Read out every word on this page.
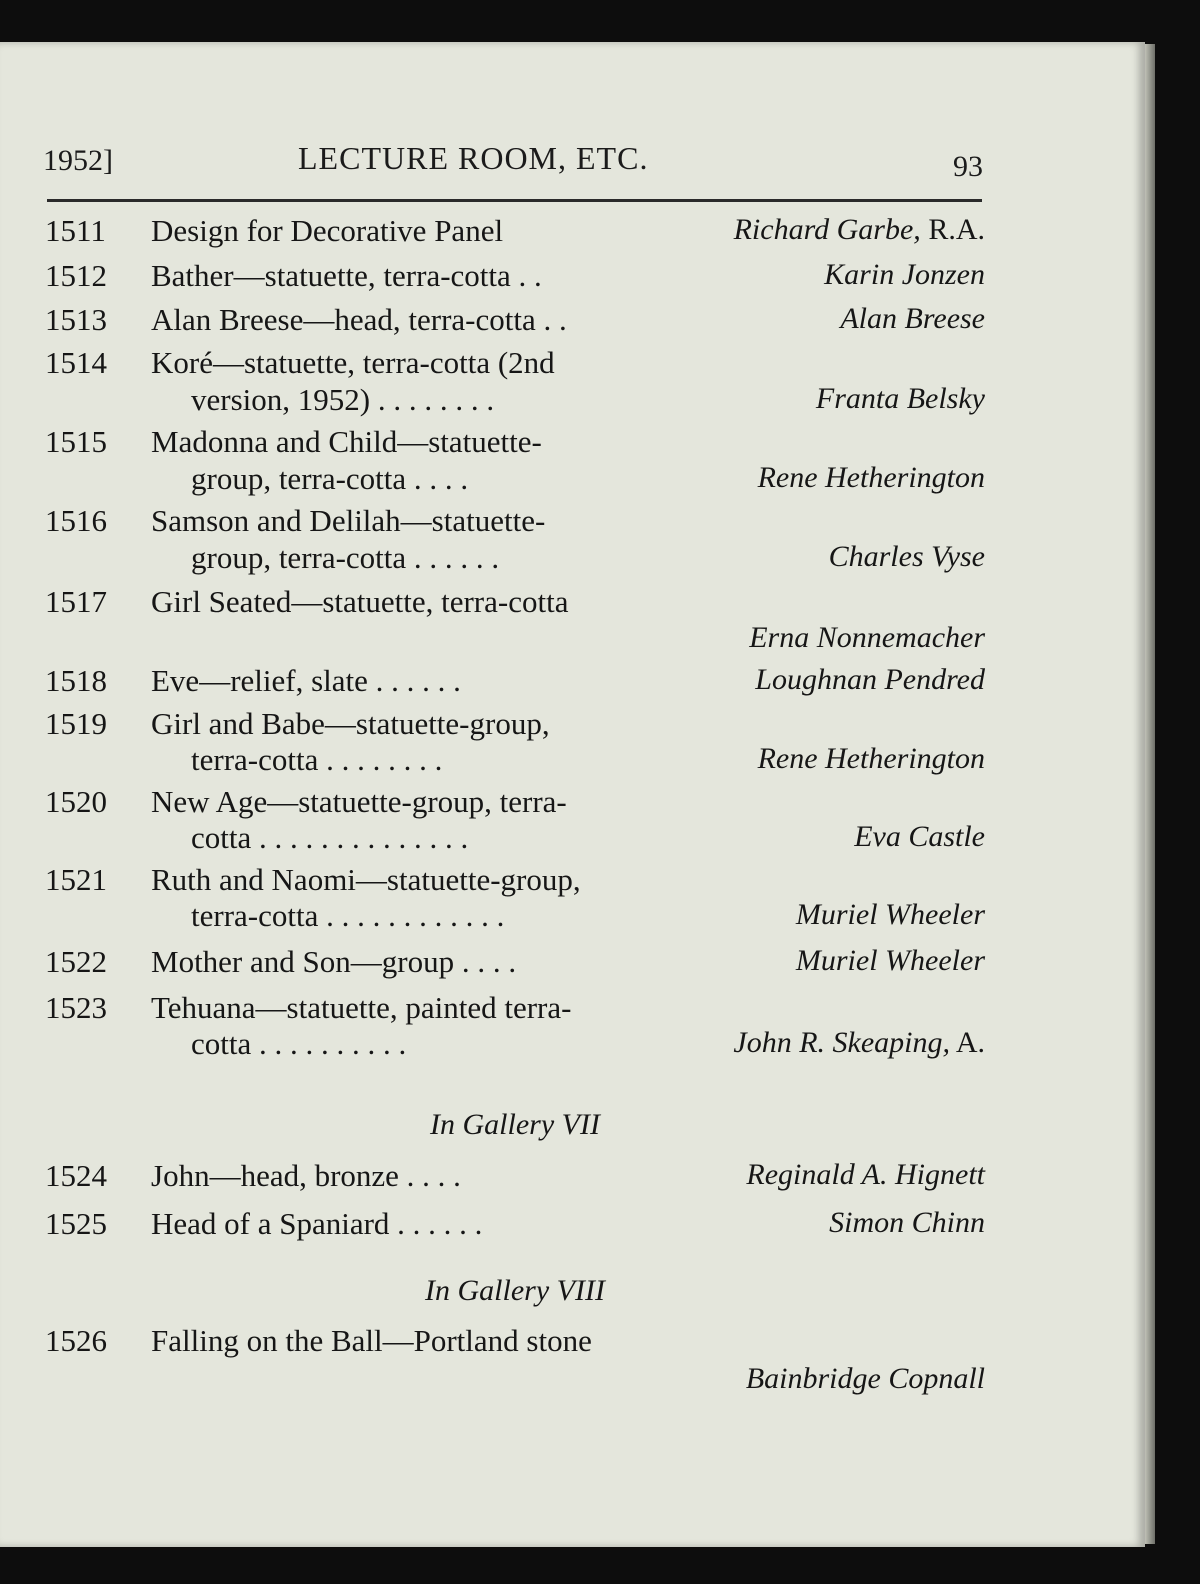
1952]	LECTURE ROOM, ETC.	93
1511 Design for Decorative Panel	Richard Garbe, R.A.
1512 Bather—statuette, terra-cotta . .	Karin Jonzen
1513 Alan Breese—head, terra-cotta . .	Alan Breese
1514 Koré—statuette, terra-cotta (2nd
version, 1952) . . . . . . . .	Franta Belsky
1515 Madonna and Child—statuette-
group, terra-cotta . . . .	Rene Hetherington
1516 Samson and Delilah—statuette-
group, terra-cotta . . . . . .	Charles Vyse
1517 Girl Seated—statuette, terra-cotta
Erna Nonnemacher
1518 Eve—relief, slate . . . . . .	Loughnan Pendred
1519 Girl and Babe—statuette-group,
terra-cotta . . . . . . . .	Rene Hetherington
1520 New Age—statuette-group, terra-
cotta . . . . . . . . . . . . . .	Eva Castle
1521 Ruth and Naomi—statuette-group,
terra-cotta . . . . . . . . . . . .	Muriel Wheeler
1522 Mother and Son—group . . . .	Muriel Wheeler
1523 Tehuana—statuette, painted terra-
cotta . . . . . . . . . .	John R. Skeaping, A.
In Gallery VII
1524 John—head, bronze . . . .	Reginald A. Hignett
1525 Head of a Spaniard . . . . . .	Simon Chinn
In Gallery VIII
1526 Falling on the Ball—Portland stone
Bainbridge Copnall
